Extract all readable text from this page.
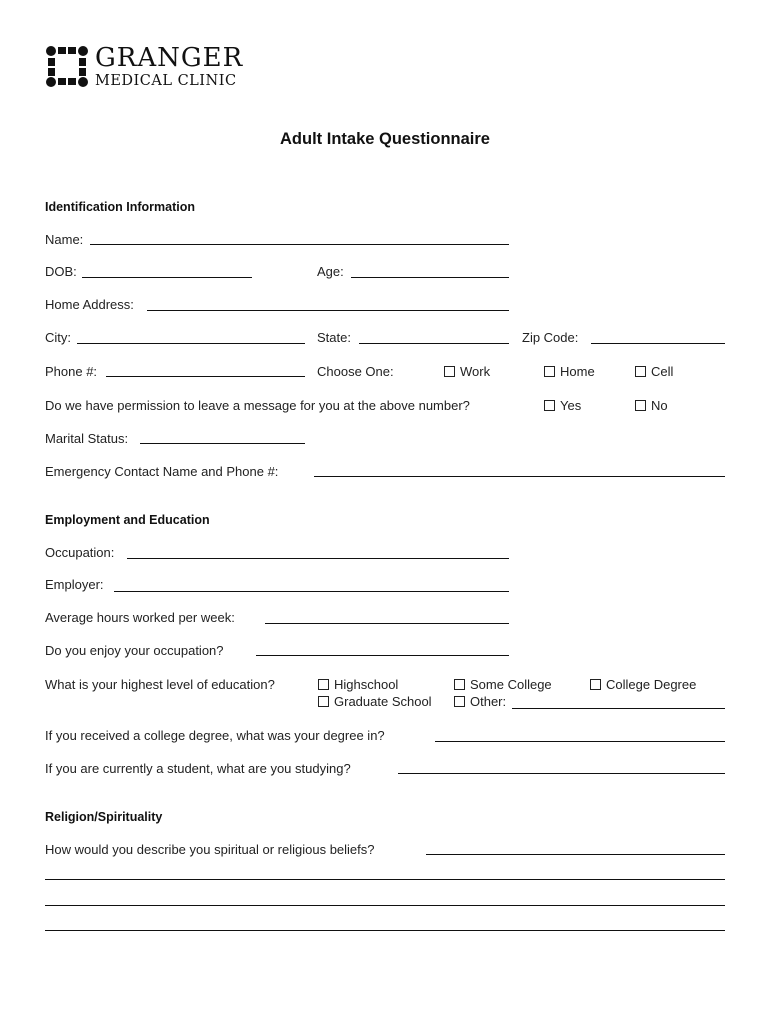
GRANGER
MEDICAL CLINIC
Adult Intake Questionnaire
Identification Information
Name:
DOB:	Age:
Home Address:
City:	State:	Zip Code:
Phone #:	Choose One:	Work	Home	Cell
Do we have permission to leave a message for you at the above number?	Yes	No
Marital Status:
Emergency Contact Name and Phone #:
Employment and Education
Occupation:
Employer:
Average hours worked per week:
Do you enjoy your occupation?
What is your highest level of education?	Highschool	Some College	College Degree
Graduate School	Other:
If you received a college degree, what was your degree in?
If you are currently a student, what are you studying?
Religion/Spirituality
How would you describe you spiritual or religious beliefs?
